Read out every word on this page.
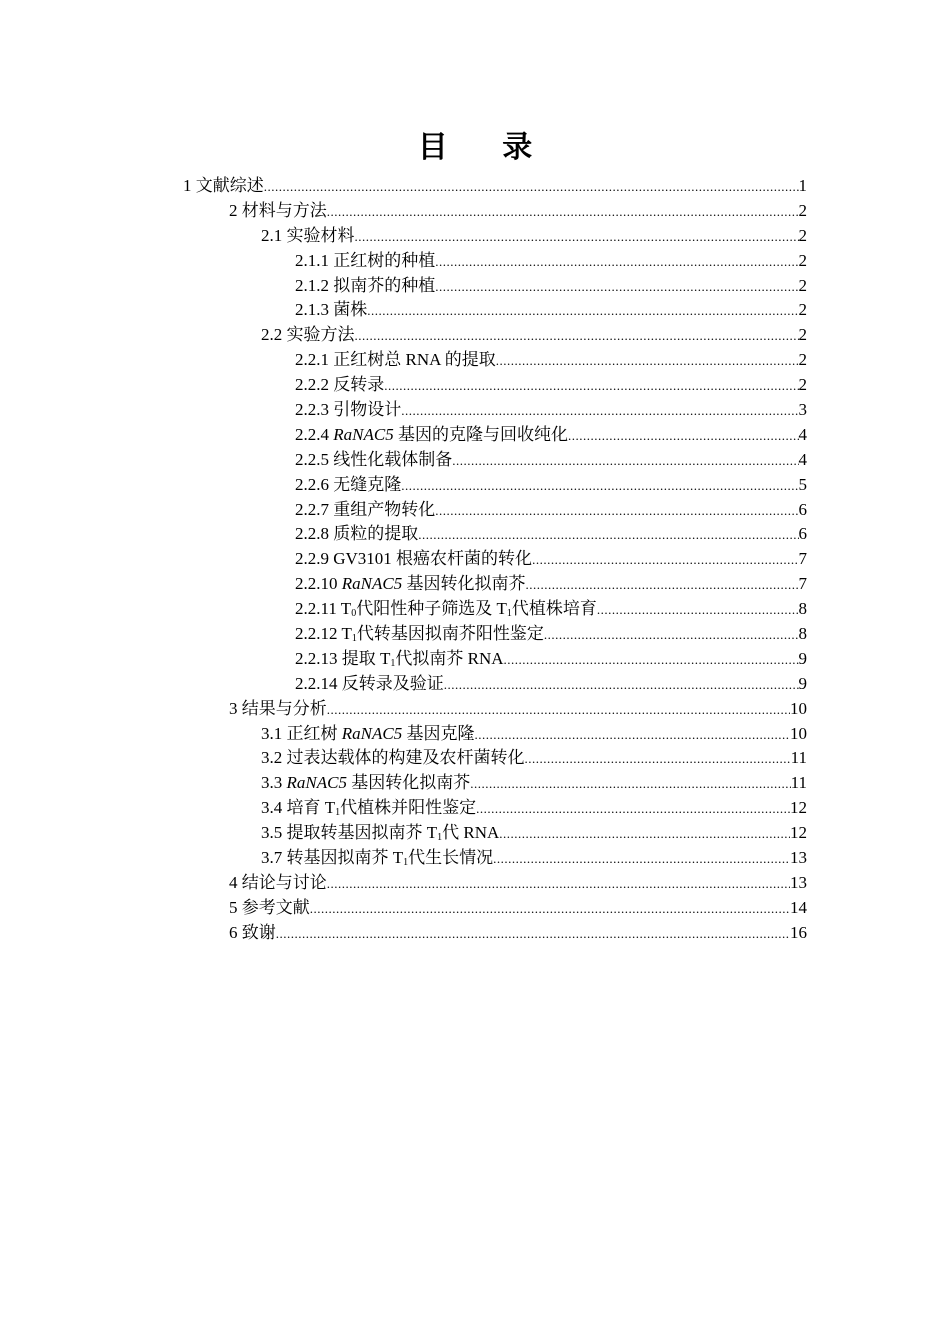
目 录
1 文献综述 .....	1
2 材料与方法 .....	2
2.1 实验材料 .....	2
2.1.1 正红树的种植 .....	2
2.1.2 拟南芥的种植 .....	2
2.1.3 菌株 .....	2
2.2 实验方法 .....	2
2.2.1 正红树总 RNA 的提取 .....	2
2.2.2 反转录 .....	2
2.2.3 引物设计 .....	3
2.2.4 RaNAC5 基因的克隆与回收纯化 .....	4
2.2.5 线性化载体制备 .....	4
2.2.6 无缝克隆 .....	5
2.2.7 重组产物转化 .....	6
2.2.8 质粒的提取 .....	6
2.2.9 GV3101 根癌农杆菌的转化 .....	7
2.2.10 RaNAC5 基因转化拟南芥 .....	7
2.2.11 $T_0$代阳性种子筛选及 $T_1$代植株培育 .....	8
2.2.12 $T_1$代转基因拟南芥阳性鉴定 .....	8
2.2.13 提取 $T_1$代拟南芥 RNA .....	9
2.2.14 反转录及验证 .....	9
3 结果与分析 .....	10
3.1 正红树 RaNAC5 基因克隆 .....	10
3.2 过表达载体的构建及农杆菌转化 .....	11
3.3 RaNAC5 基因转化拟南芥 .....	11
3.4 培育 $T_1$代植株并阳性鉴定 .....	12
3.5 提取转基因拟南芥 $T_1$代 RNA .....	12
3.7 转基因拟南芥 $T_1$代生长情况 .....	13
4 结论与讨论 .....	13
5 参考文献 .....	14
6 致谢 .....	16
